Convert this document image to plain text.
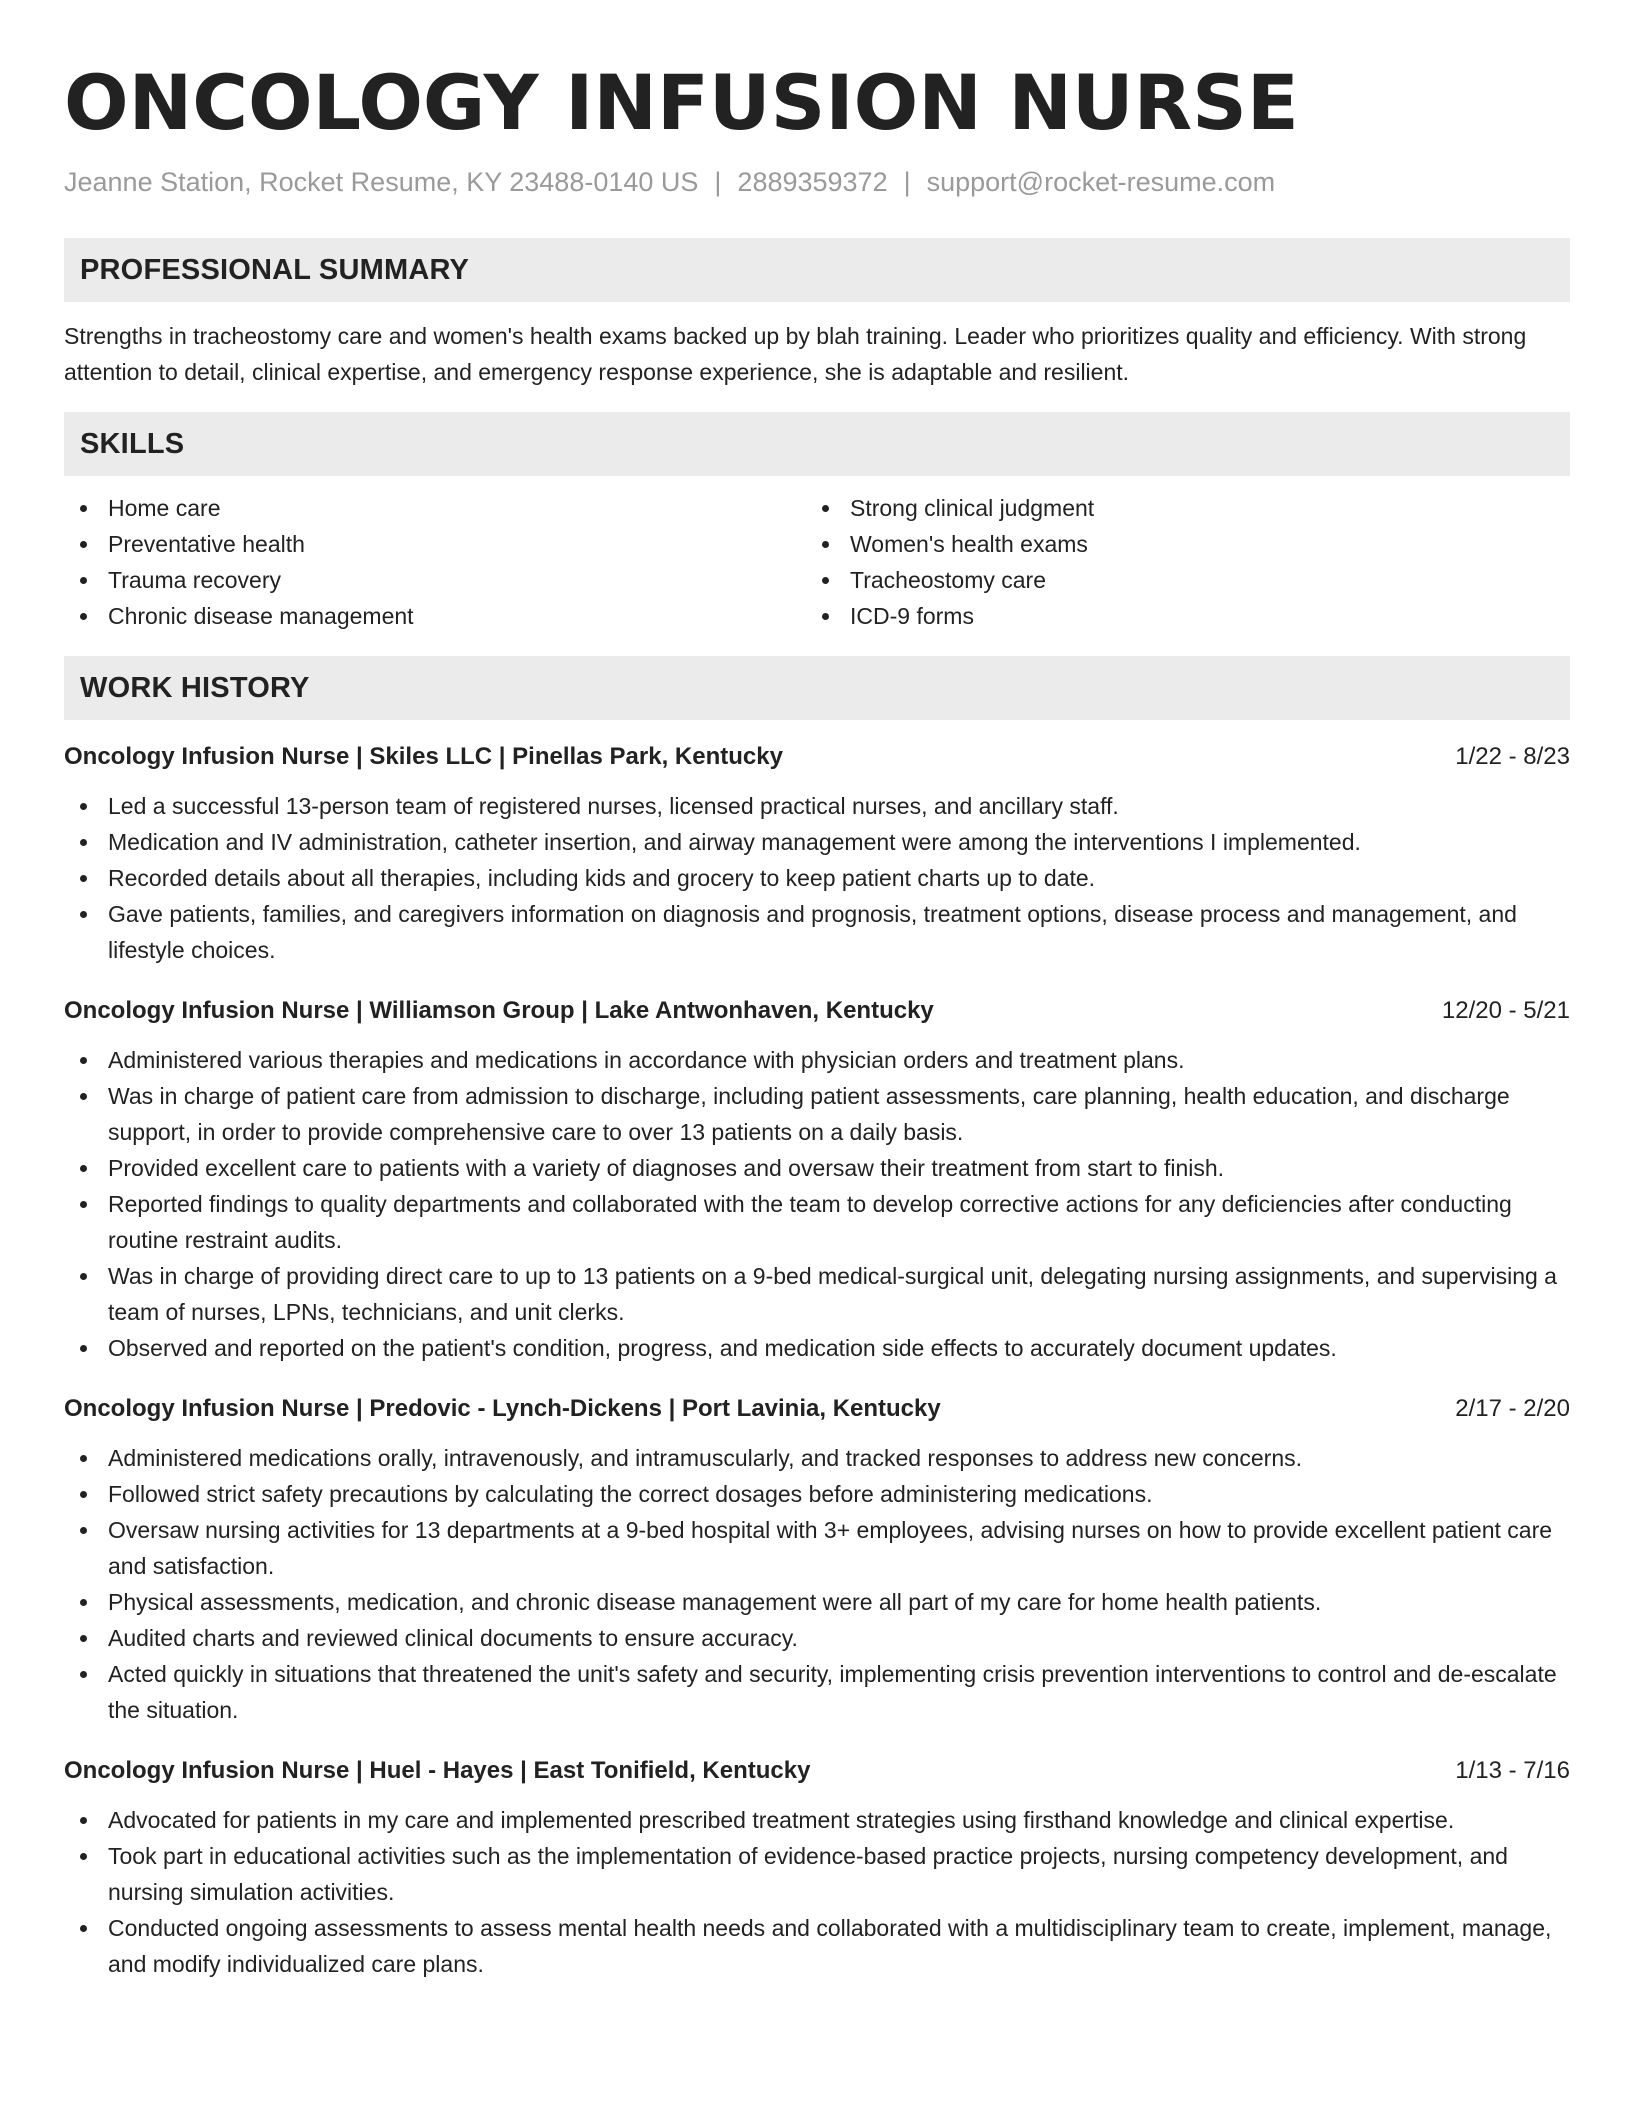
ONCOLOGY INFUSION NURSE
Jeanne Station, Rocket Resume, KY 23488-0140 US | 2889359372 | support@rocket-resume.com
PROFESSIONAL SUMMARY
Strengths in tracheostomy care and women's health exams backed up by blah training. Leader who prioritizes quality and efficiency. With strong attention to detail, clinical expertise, and emergency response experience, she is adaptable and resilient.
SKILLS
Home care
Preventative health
Trauma recovery
Chronic disease management
Strong clinical judgment
Women's health exams
Tracheostomy care
ICD-9 forms
WORK HISTORY
Oncology Infusion Nurse | Skiles LLC | Pinellas Park, Kentucky	1/22 - 8/23
Led a successful 13-person team of registered nurses, licensed practical nurses, and ancillary staff.
Medication and IV administration, catheter insertion, and airway management were among the interventions I implemented.
Recorded details about all therapies, including kids and grocery to keep patient charts up to date.
Gave patients, families, and caregivers information on diagnosis and prognosis, treatment options, disease process and management, and lifestyle choices.
Oncology Infusion Nurse | Williamson Group | Lake Antwonhaven, Kentucky	12/20 - 5/21
Administered various therapies and medications in accordance with physician orders and treatment plans.
Was in charge of patient care from admission to discharge, including patient assessments, care planning, health education, and discharge support, in order to provide comprehensive care to over 13 patients on a daily basis.
Provided excellent care to patients with a variety of diagnoses and oversaw their treatment from start to finish.
Reported findings to quality departments and collaborated with the team to develop corrective actions for any deficiencies after conducting routine restraint audits.
Was in charge of providing direct care to up to 13 patients on a 9-bed medical-surgical unit, delegating nursing assignments, and supervising a team of nurses, LPNs, technicians, and unit clerks.
Observed and reported on the patient's condition, progress, and medication side effects to accurately document updates.
Oncology Infusion Nurse | Predovic - Lynch-Dickens | Port Lavinia, Kentucky	2/17 - 2/20
Administered medications orally, intravenously, and intramuscularly, and tracked responses to address new concerns.
Followed strict safety precautions by calculating the correct dosages before administering medications.
Oversaw nursing activities for 13 departments at a 9-bed hospital with 3+ employees, advising nurses on how to provide excellent patient care and satisfaction.
Physical assessments, medication, and chronic disease management were all part of my care for home health patients.
Audited charts and reviewed clinical documents to ensure accuracy.
Acted quickly in situations that threatened the unit's safety and security, implementing crisis prevention interventions to control and de-escalate the situation.
Oncology Infusion Nurse | Huel - Hayes | East Tonifield, Kentucky	1/13 - 7/16
Advocated for patients in my care and implemented prescribed treatment strategies using firsthand knowledge and clinical expertise.
Took part in educational activities such as the implementation of evidence-based practice projects, nursing competency development, and nursing simulation activities.
Conducted ongoing assessments to assess mental health needs and collaborated with a multidisciplinary team to create, implement, manage, and modify individualized care plans.
